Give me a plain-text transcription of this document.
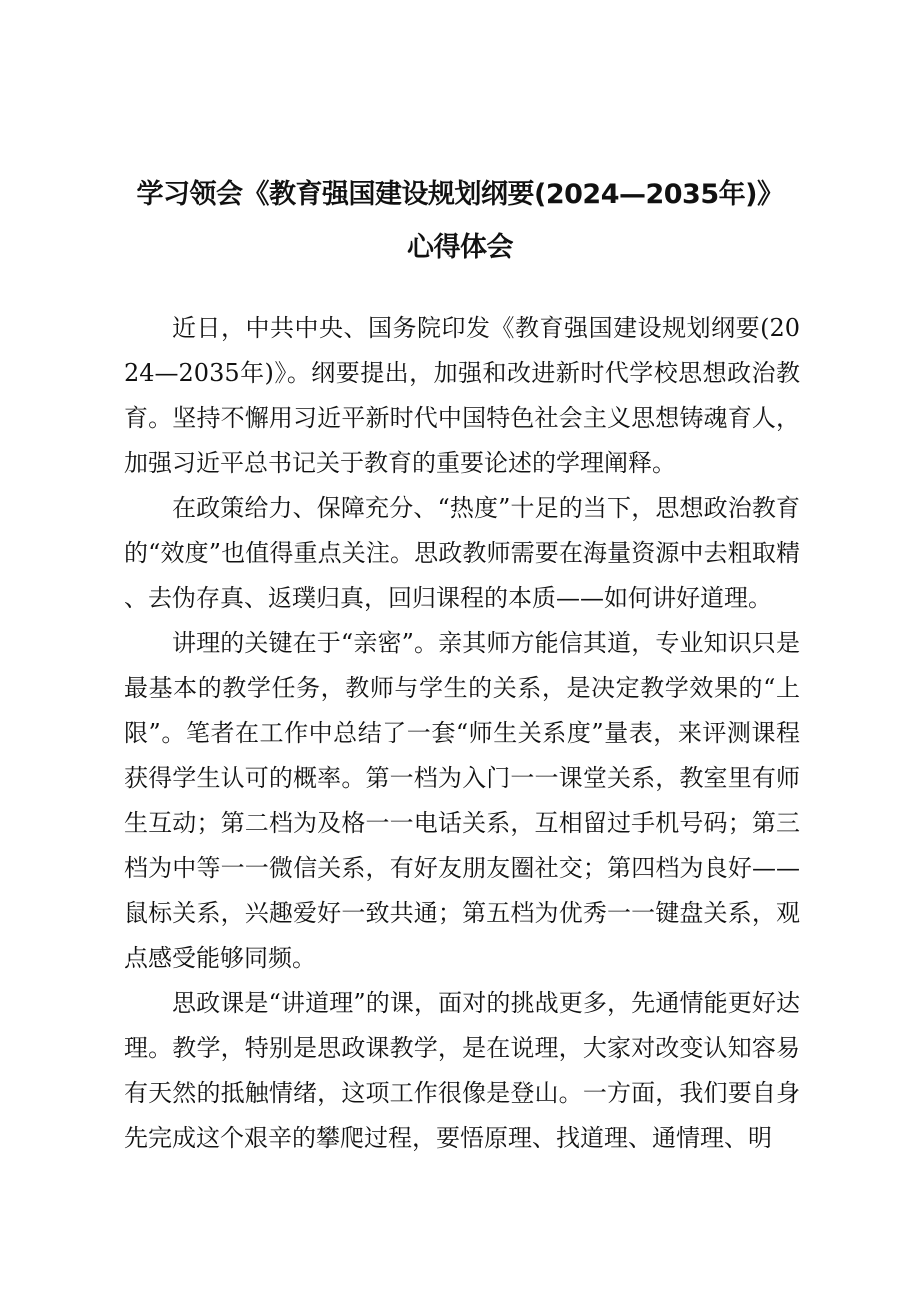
学习领会《教育强国建设规划纲要(2024—2035年)》
心得体会

近日，中共中央、国务院印发《教育强国建设规划纲要(2024—2035年)》。纲要提出，加强和改进新时代学校思想政治教育。坚持不懈用习近平新时代中国特色社会主义思想铸魂育人，加强习近平总书记关于教育的重要论述的学理阐释。

在政策给力、保障充分、“热度”十足的当下，思想政治教育的“效度”也值得重点关注。思政教师需要在海量资源中去粗取精、去伪存真、返璞归真，回归课程的本质——如何讲好道理。

讲理的关键在于“亲密”。亲其师方能信其道，专业知识只是最基本的教学任务，教师与学生的关系，是决定教学效果的“上限”。笔者在工作中总结了一套“师生关系度”量表，来评测课程获得学生认可的概率。第一档为入门一一课堂关系，教室里有师生互动；第二档为及格一一电话关系，互相留过手机号码；第三档为中等一一微信关系，有好友朋友圈社交；第四档为良好——鼠标关系，兴趣爱好一致共通；第五档为优秀一一键盘关系，观点感受能够同频。

思政课是“讲道理”的课，面对的挑战更多，先通情能更好达理。教学，特别是思政课教学，是在说理，大家对改变认知容易有天然的抵触情绪，这项工作很像是登山。一方面，我们要自身先完成这个艰辛的攀爬过程，要悟原理、找道理、通情理、明
